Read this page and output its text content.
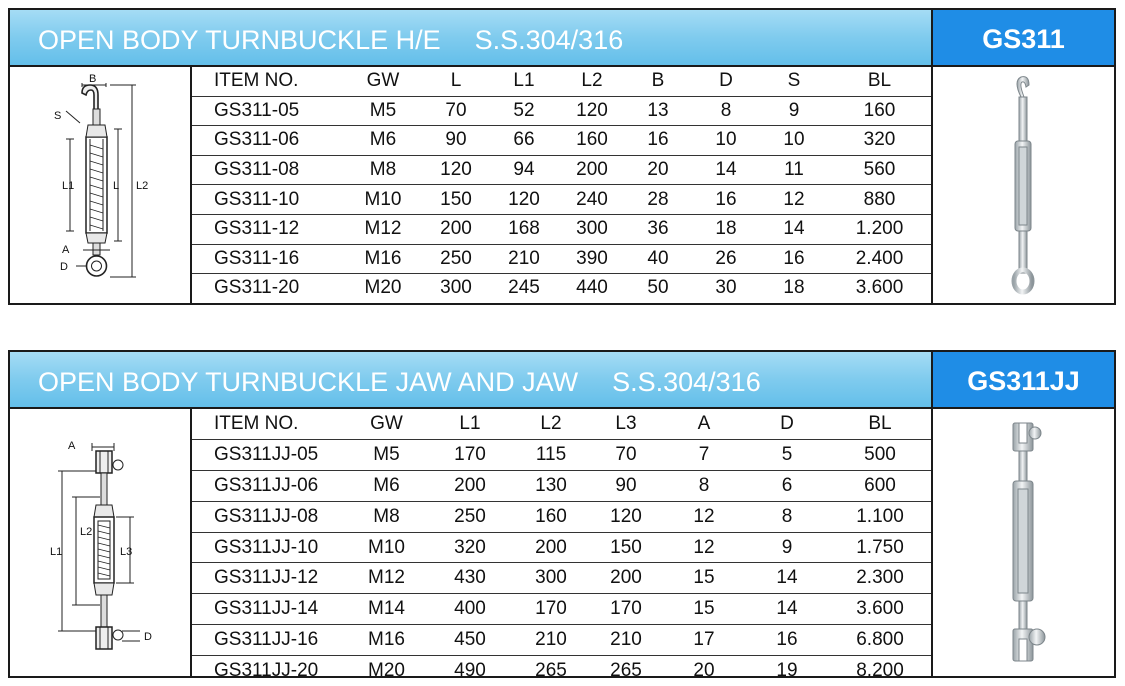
OPEN BODY TURNBUCKLE H/E S.S.304/316	GS311
B
S
L1	L L2
A
D
ITEM NO.	GW	L	L1	L2	B	D	S	BL
GS311-05	M5	70	52	120	13	8	9	160
GS311-06	M6	90	66	160	16	10	10	320
GS311-08	M8	120	94	200	20	14	11	560
GS311-10	M10	150	120	240	28	16	12	880
GS311-12	M12	200	168	300	36	18	14	1.200
GS311-16	M16	250	210	390	40	26	16	2.400
GS311-20	M20	300	245	440	50	30	18	3.600
OPEN BODY TURNBUCKLE JAW AND JAW S.S.304/316	GS311JJ
A
L2
L1	L3
D
ITEM NO.	GW	L1	L2	L3	A	D	BL
GS311JJ-05	M5	170	115	70	7	5	500
GS311JJ-06	M6	200	130	90	8	6	600
GS311JJ-08	M8	250	160	120	12	8	1.100
GS311JJ-10	M10	320	200	150	12	9	1.750
GS311JJ-12	M12	430	300	200	15	14	2.300
GS311JJ-14	M14	400	170	170	15	14	3.600
GS311JJ-16	M16	450	210	210	17	16	6.800
GS311JJ-20	M20	490	265	265	20	19	8.200
